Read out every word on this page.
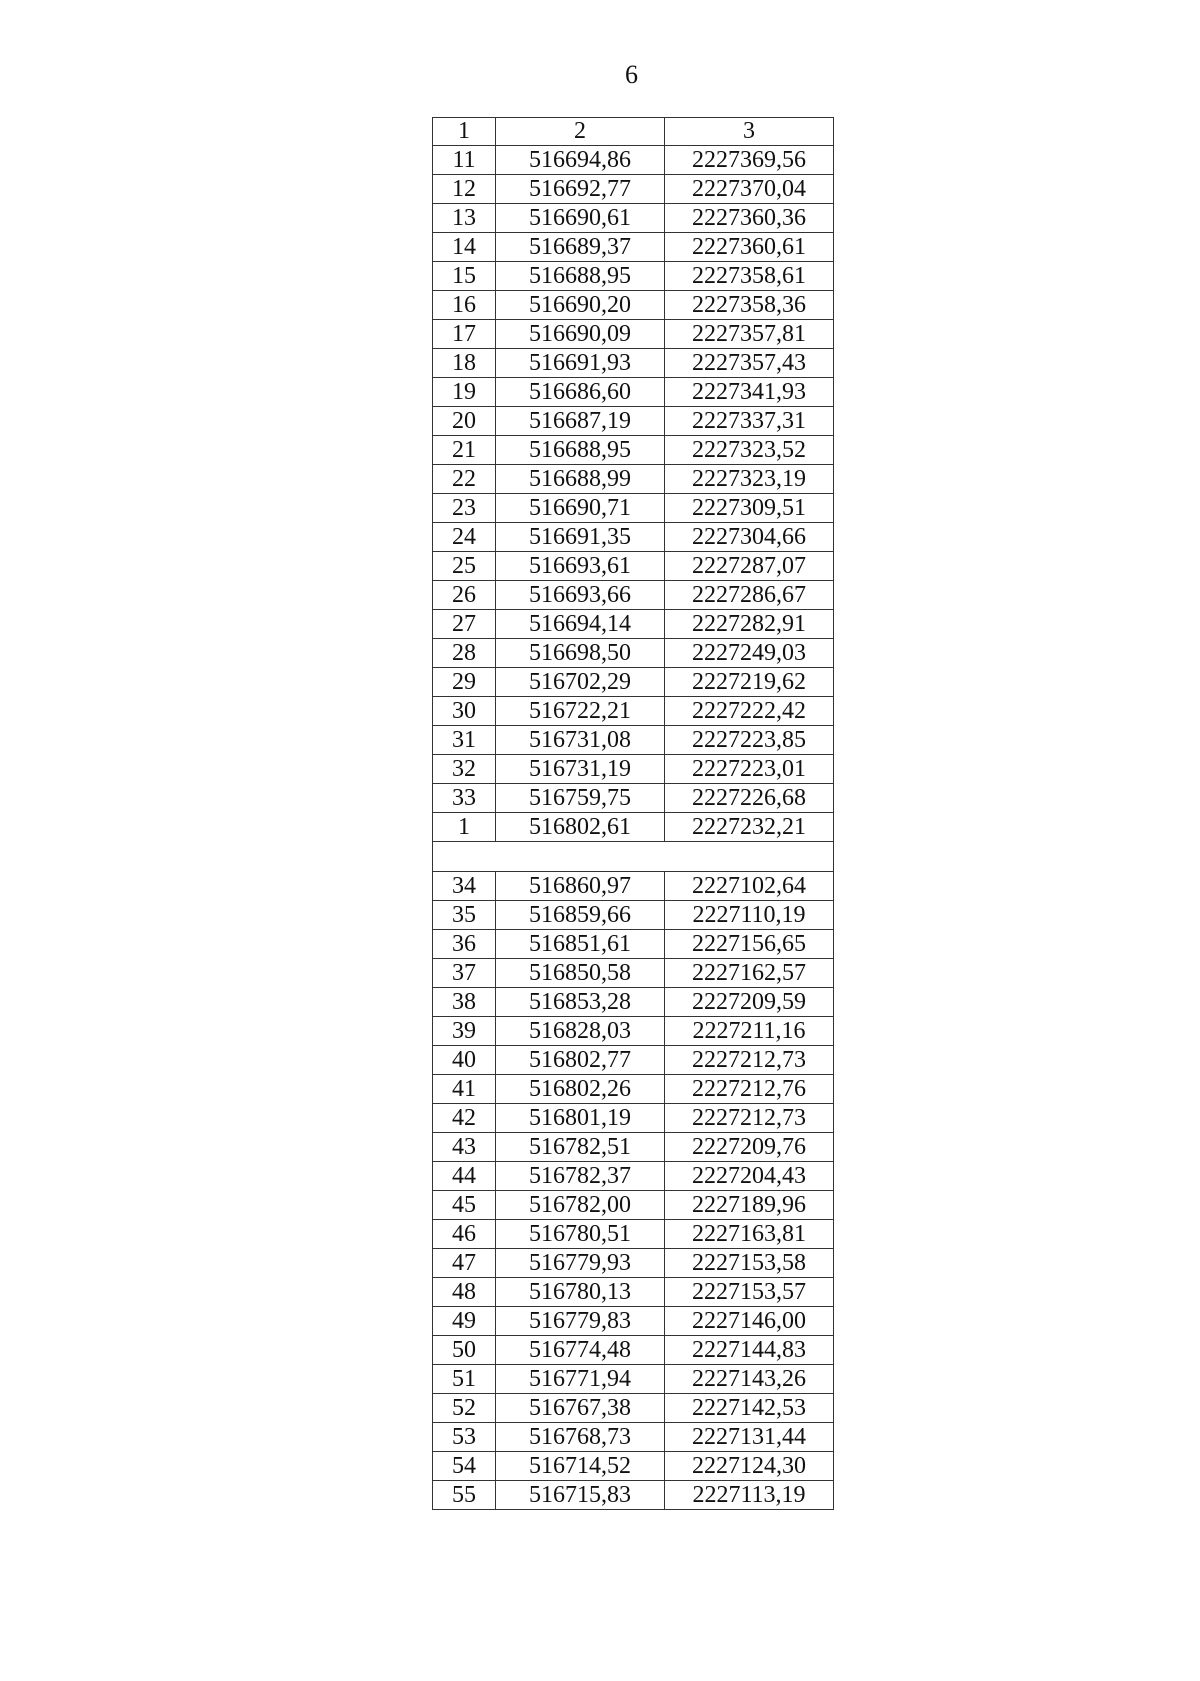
6
1	2	3
11	516694,86	2227369,56
12	516692,77	2227370,04
13	516690,61	2227360,36
14	516689,37	2227360,61
15	516688,95	2227358,61
16	516690,20	2227358,36
17	516690,09	2227357,81
18	516691,93	2227357,43
19	516686,60	2227341,93
20	516687,19	2227337,31
21	516688,95	2227323,52
22	516688,99	2227323,19
23	516690,71	2227309,51
24	516691,35	2227304,66
25	516693,61	2227287,07
26	516693,66	2227286,67
27	516694,14	2227282,91
28	516698,50	2227249,03
29	516702,29	2227219,62
30	516722,21	2227222,42
31	516731,08	2227223,85
32	516731,19	2227223,01
33	516759,75	2227226,68
1	516802,61	2227232,21

34	516860,97	2227102,64
35	516859,66	2227110,19
36	516851,61	2227156,65
37	516850,58	2227162,57
38	516853,28	2227209,59
39	516828,03	2227211,16
40	516802,77	2227212,73
41	516802,26	2227212,76
42	516801,19	2227212,73
43	516782,51	2227209,76
44	516782,37	2227204,43
45	516782,00	2227189,96
46	516780,51	2227163,81
47	516779,93	2227153,58
48	516780,13	2227153,57
49	516779,83	2227146,00
50	516774,48	2227144,83
51	516771,94	2227143,26
52	516767,38	2227142,53
53	516768,73	2227131,44
54	516714,52	2227124,30
55	516715,83	2227113,19
